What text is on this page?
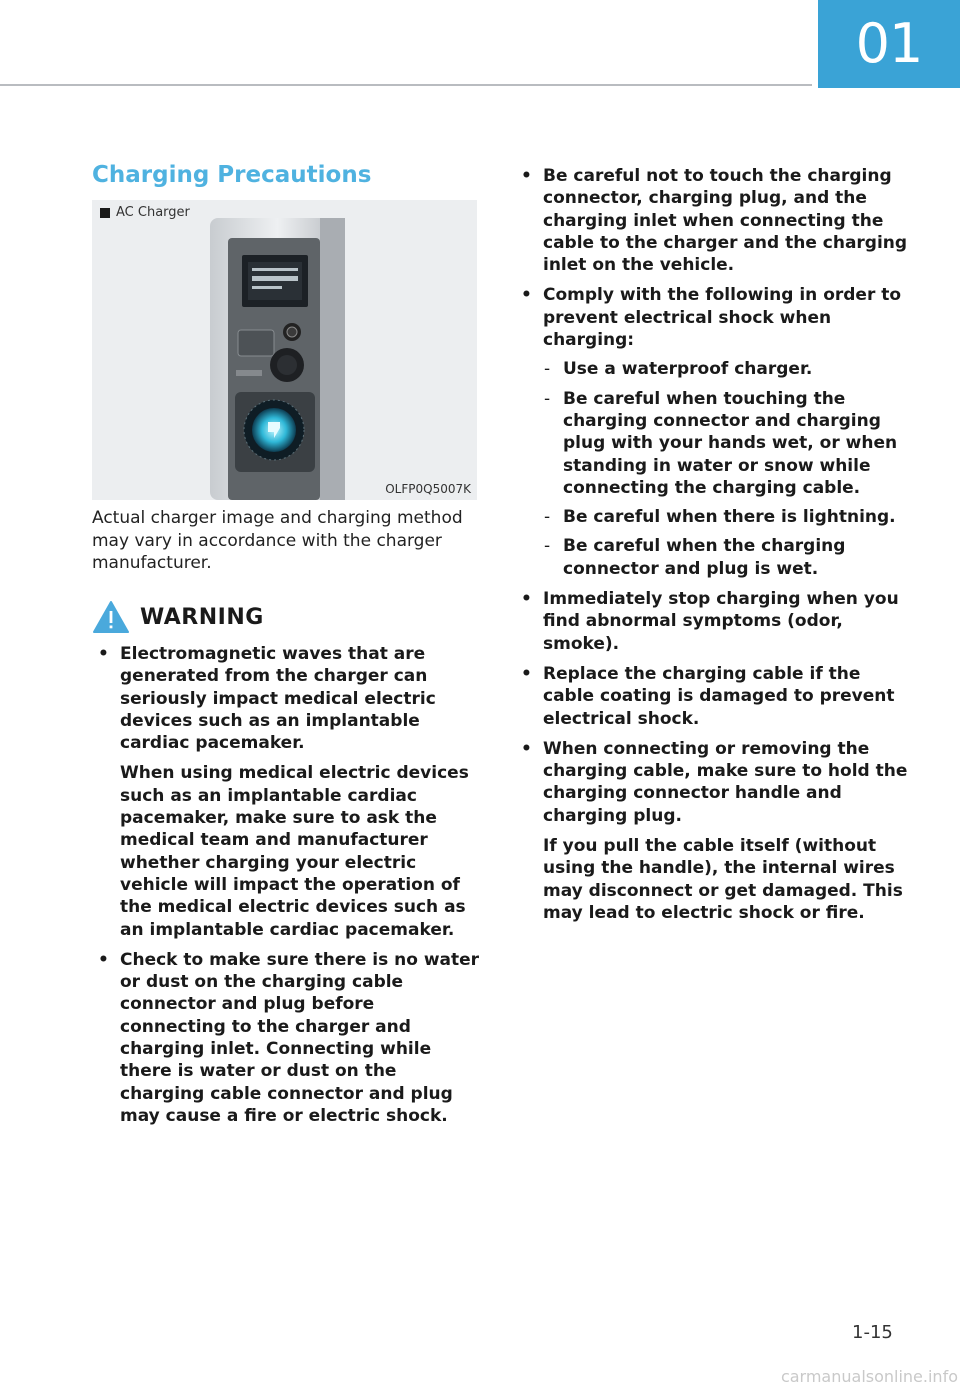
01
Charging Precautions
AC Charger
OLFP0Q5007K

Actual charger image and charging method may vary in accordance with the charger manufacturer.

WARNING
• Electromagnetic waves that are generated from the charger can seriously impact medical electric devices such as an implantable cardiac pacemaker.

When using medical electric devices such as an implantable cardiac pacemaker, make sure to ask the medical team and manufacturer whether charging your electric vehicle will impact the operation of the medical electric devices such as an implantable cardiac pacemaker.

• Check to make sure there is no water or dust on the charging cable connector and plug before connecting to the charger and charging inlet. Connecting while there is water or dust on the charging cable connector and plug may cause a fire or electric shock.

• Be careful not to touch the charging connector, charging plug, and the charging inlet when connecting the cable to the charger and the charging inlet on the vehicle.

• Comply with the following in order to prevent electrical shock when charging:

- Use a waterproof charger.
- Be careful when touching the charging connector and charging plug with your hands wet, or when standing in water or snow while connecting the charging cable.
- Be careful when there is lightning.
- Be careful when the charging connector and plug is wet.
• Immediately stop charging when you find abnormal symptoms (odor, smoke).

• Replace the charging cable if the cable coating is damaged to prevent electrical shock.

• When connecting or removing the charging cable, make sure to hold the charging connector handle and charging plug.

If you pull the cable itself (without using the handle), the internal wires may disconnect or get damaged. This may lead to electric shock or fire.

1-15
carmanualsonline.info
